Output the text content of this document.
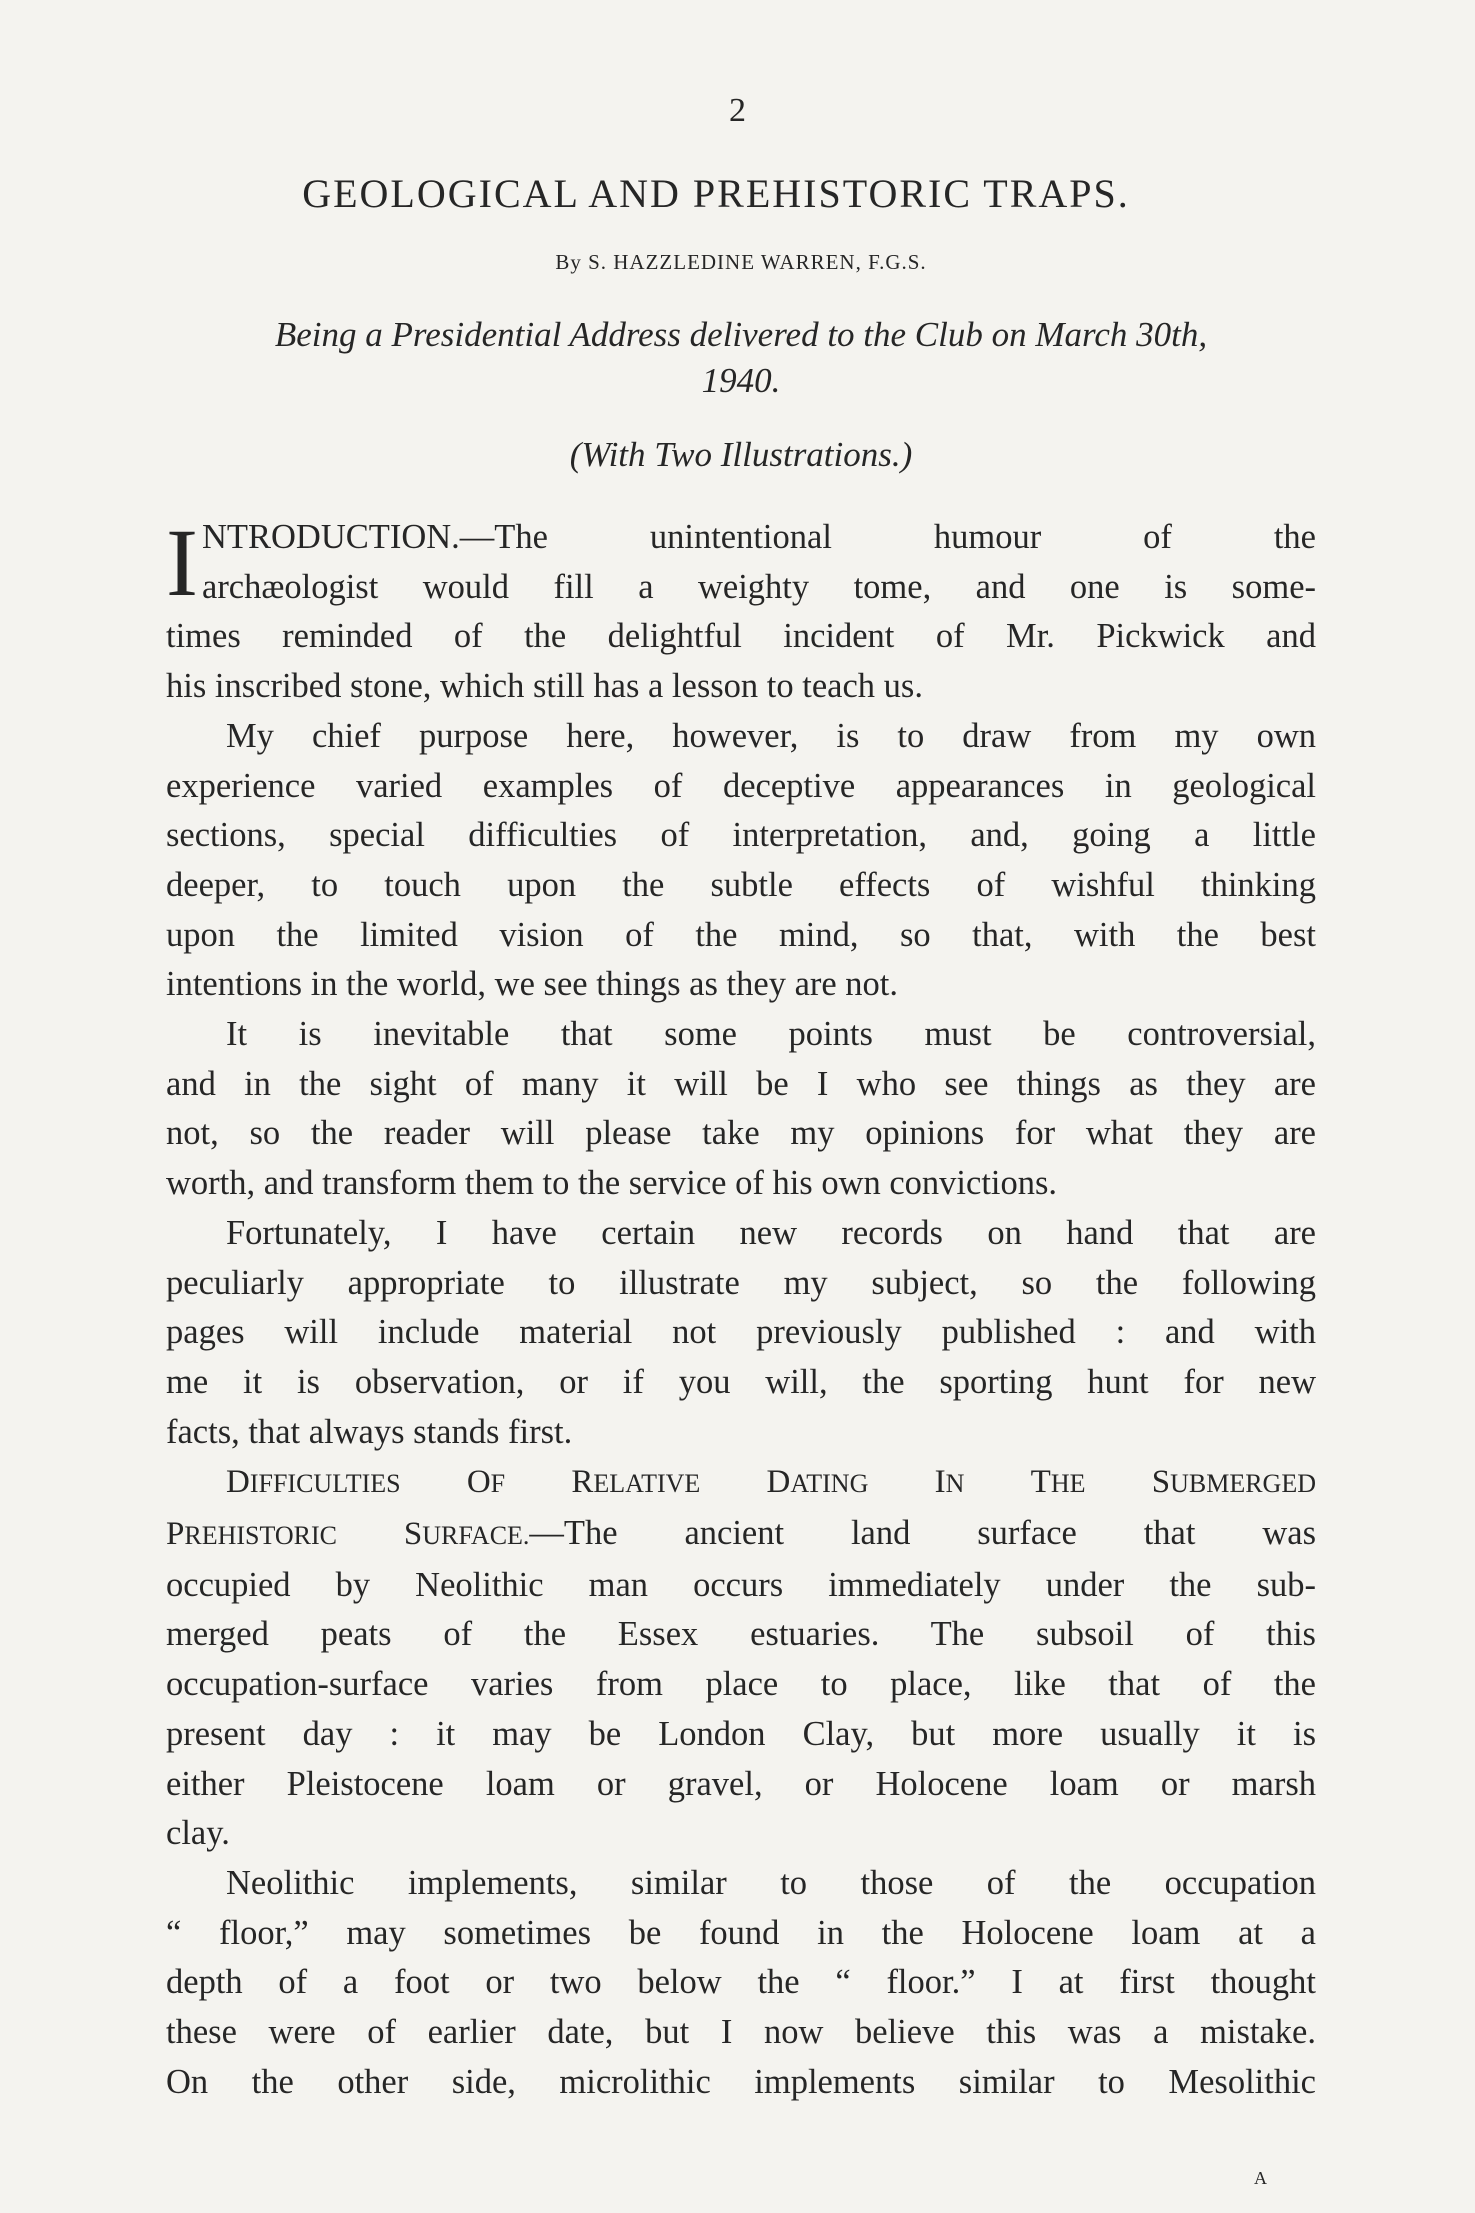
2
GEOLOGICAL AND PREHISTORIC TRAPS.
By S. HAZZLEDINE WARREN, F.G.S.
Being a Presidential Address delivered to the Club on March 30th,
1940.
(With Two Illustrations.)
I NTRODUCTION.—The unintentional humour of the
archæologist would fill a weighty tome, and one is some-
times reminded of the delightful incident of Mr. Pickwick and
his inscribed stone, which still has a lesson to teach us.
My chief purpose here, however, is to draw from my own
experience varied examples of deceptive appearances in geological
sections, special difficulties of interpretation, and, going a little
deeper, to touch upon the subtle effects of wishful thinking
upon the limited vision of the mind, so that, with the best
intentions in the world, we see things as they are not.
It is inevitable that some points must be controversial,
and in the sight of many it will be I who see things as they are
not, so the reader will please take my opinions for what they are
worth, and transform them to the service of his own convictions.
Fortunately, I have certain new records on hand that are
peculiarly appropriate to illustrate my subject, so the following
pages will include material not previously published : and with
me it is observation, or if you will, the sporting hunt for new
facts, that always stands first.
DIFFICULTIES OF RELATIVE DATING IN THE SUBMERGED
PREHISTORIC SURFACE.—The ancient land surface that was
occupied by Neolithic man occurs immediately under the sub-
merged peats of the Essex estuaries. The subsoil of this
occupation-surface varies from place to place, like that of the
present day : it may be London Clay, but more usually it is
either Pleistocene loam or gravel, or Holocene loam or marsh
clay.
Neolithic implements, similar to those of the occupation
“ floor,” may sometimes be found in the Holocene loam at a
depth of a foot or two below the “ floor.” I at first thought
these were of earlier date, but I now believe this was a mistake.
On the other side, microlithic implements similar to Mesolithic
A
